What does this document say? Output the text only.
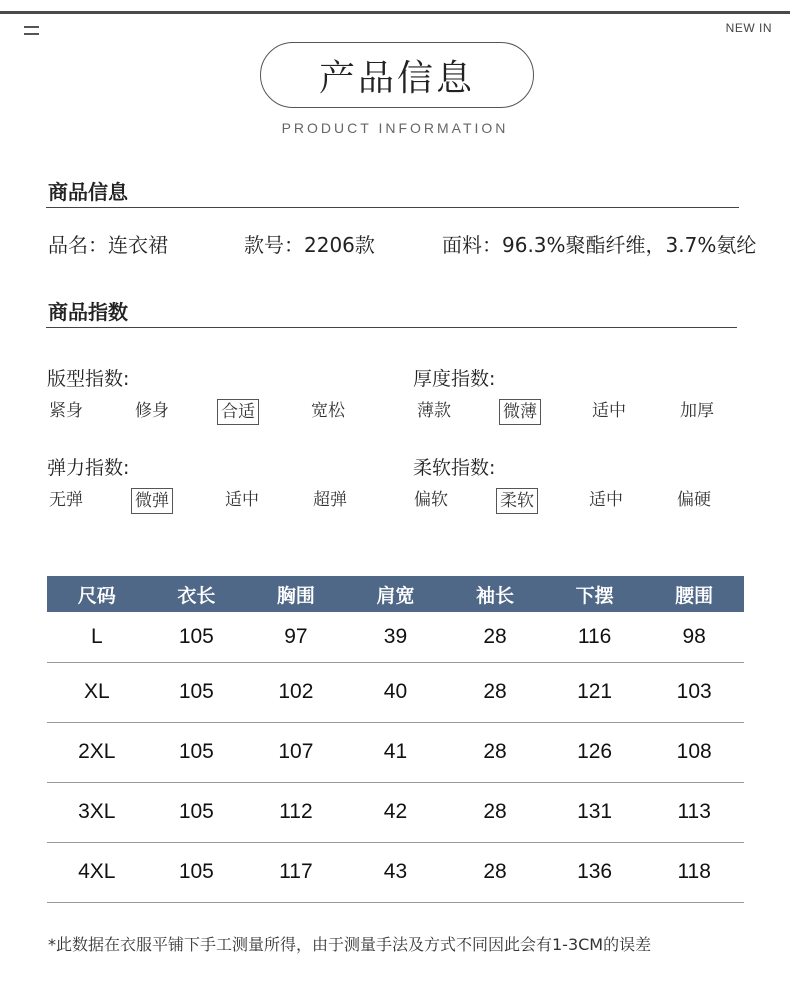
NEW IN
产品信息
PRODUCT INFORMATION
商品信息
品名：连衣裙	款号：2206款	面料：96.3%聚酯纤维，3.7%氨纶
商品指数
版型指数:
紧身	修身	合适	宽松
厚度指数:
薄款	微薄	适中	加厚
弹力指数:
无弹	微弹	适中	超弹
柔软指数:
偏软	柔软	适中	偏硬
尺码	衣长	胸围	肩宽	袖长	下摆	腰围
L	105	97	39	28	116	98
XL	105	102	40	28	121	103
2XL	105	107	41	28	126	108
3XL	105	112	42	28	131	113
4XL	105	117	43	28	136	118
*此数据在衣服平铺下手工测量所得，由于测量手法及方式不同因此会有1-3CM的误差
